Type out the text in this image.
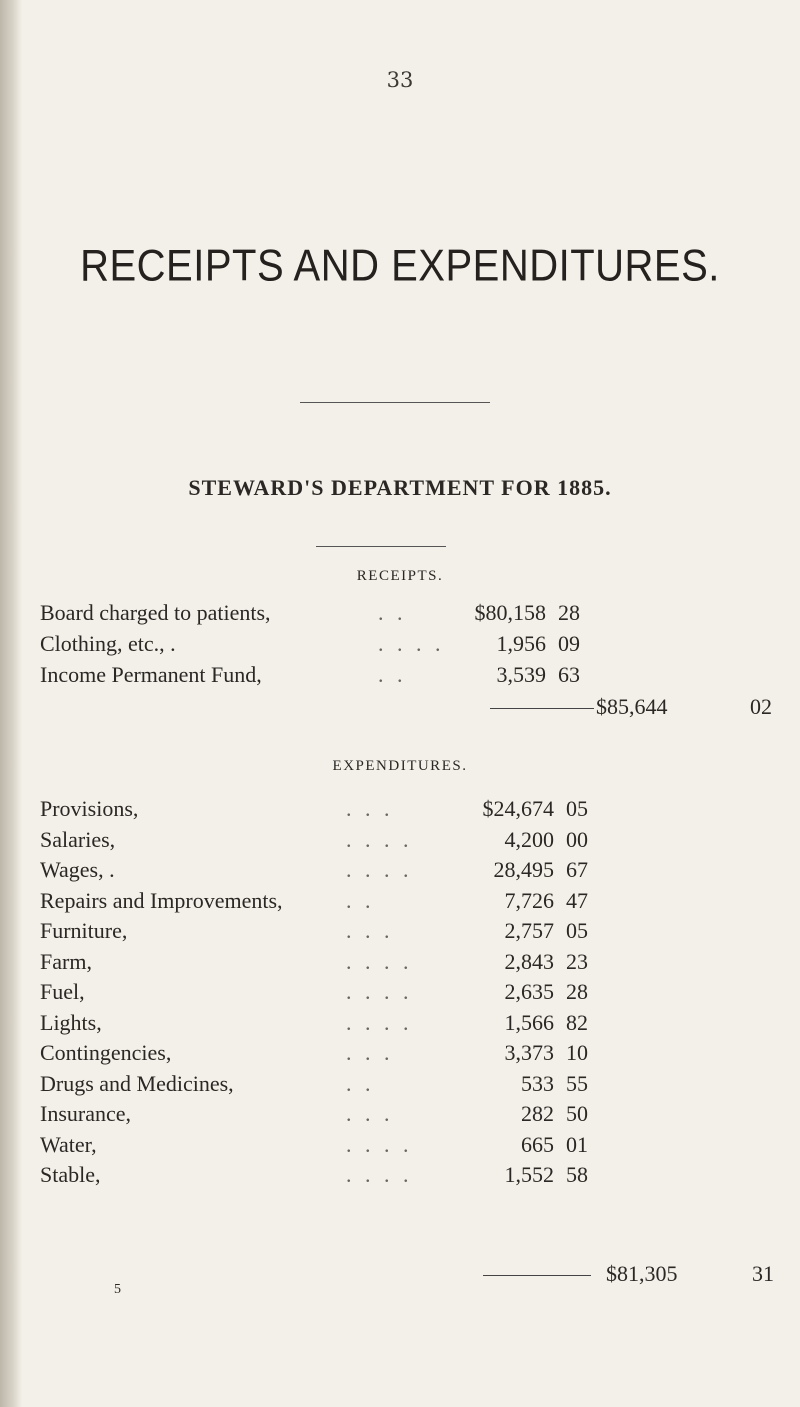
33
RECEIPTS AND EXPENDITURES.
STEWARD'S DEPARTMENT FOR 1885.
RECEIPTS.
Board charged to patients,	. .	$80,158 28
Clothing, etc., .	. . . .	1,956 09
Income Permanent Fund,	. .	3,539 63
$85,644	02
EXPENDITURES.
Provisions,	. . .	$24,674 05
Salaries,	. . . .	4,200 00
Wages, .	. . . .	28,495 67
Repairs and Improvements,	. .	7,726 47
Furniture,	. . .	2,757 05
Farm,	. . . .	2,843 23
Fuel,	. . . .	2,635 28
Lights,	. . . .	1,566 82
Contingencies,	. . .	3,373 10
Drugs and Medicines,	. .	533 55
Insurance,	. . .	282 50
Water,	. . . .	665 01
Stable,	. . . .	1,552 58
$81,305	31
5
